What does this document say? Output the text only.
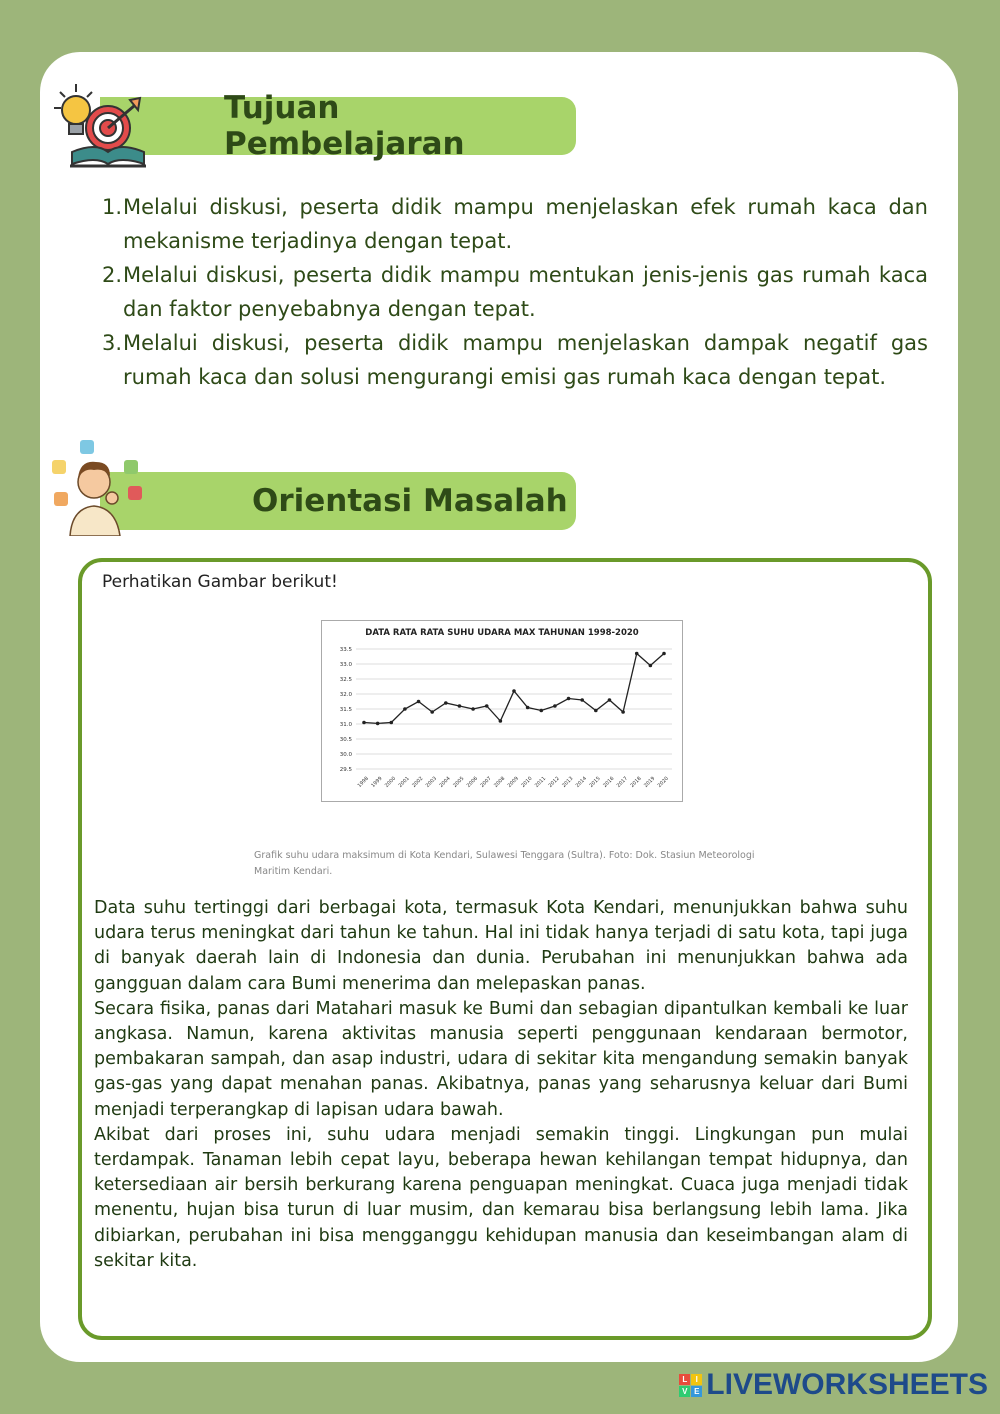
Tujuan Pembelajaran
1. Melalui diskusi, peserta didik mampu menjelaskan efek rumah kaca dan mekanisme terjadinya dengan tepat.
2. Melalui diskusi, peserta didik mampu mentukan jenis-jenis gas rumah kaca dan faktor penyebabnya dengan tepat.
3. Melalui diskusi, peserta didik mampu menjelaskan dampak negatif gas rumah kaca dan solusi mengurangi emisi gas rumah kaca dengan tepat.
Orientasi Masalah
Perhatikan Gambar berikut!
DATA RATA RATA SUHU UDARA MAX TAHUNAN 1998-2020
29.5
30.0
30.5
31.0
31.5
32.0
32.5
33.0
33.5
1998 1999 2000 2001 2002 2003 2004 2005 2006 2007 2008 2009 2010 2011 2012 2013 2014 2015 2016 2017 2018 2019 2020
Grafik suhu udara maksimum di Kota Kendari, Sulawesi Tenggara (Sultra). Foto: Dok. Stasiun Meteorologi Maritim Kendari.

Data suhu tertinggi dari berbagai kota, termasuk Kota Kendari, menunjukkan bahwa suhu udara terus meningkat dari tahun ke tahun. Hal ini tidak hanya terjadi di satu kota, tapi juga di banyak daerah lain di Indonesia dan dunia. Perubahan ini menunjukkan bahwa ada gangguan dalam cara Bumi menerima dan melepaskan panas.

Secara fisika, panas dari Matahari masuk ke Bumi dan sebagian dipantulkan kembali ke luar angkasa. Namun, karena aktivitas manusia seperti penggunaan kendaraan bermotor, pembakaran sampah, dan asap industri, udara di sekitar kita mengandung semakin banyak gas-gas yang dapat menahan panas. Akibatnya, panas yang seharusnya keluar dari Bumi menjadi terperangkap di lapisan udara bawah.

Akibat dari proses ini, suhu udara menjadi semakin tinggi. Lingkungan pun mulai terdampak. Tanaman lebih cepat layu, beberapa hewan kehilangan tempat hidupnya, dan ketersediaan air bersih berkurang karena penguapan meningkat. Cuaca juga menjadi tidak menentu, hujan bisa turun di luar musim, dan kemarau bisa berlangsung lebih lama. Jika dibiarkan, perubahan ini bisa mengganggu kehidupan manusia dan keseimbangan alam di sekitar kita.

L	I
V E LIVEWORKSHEETS
